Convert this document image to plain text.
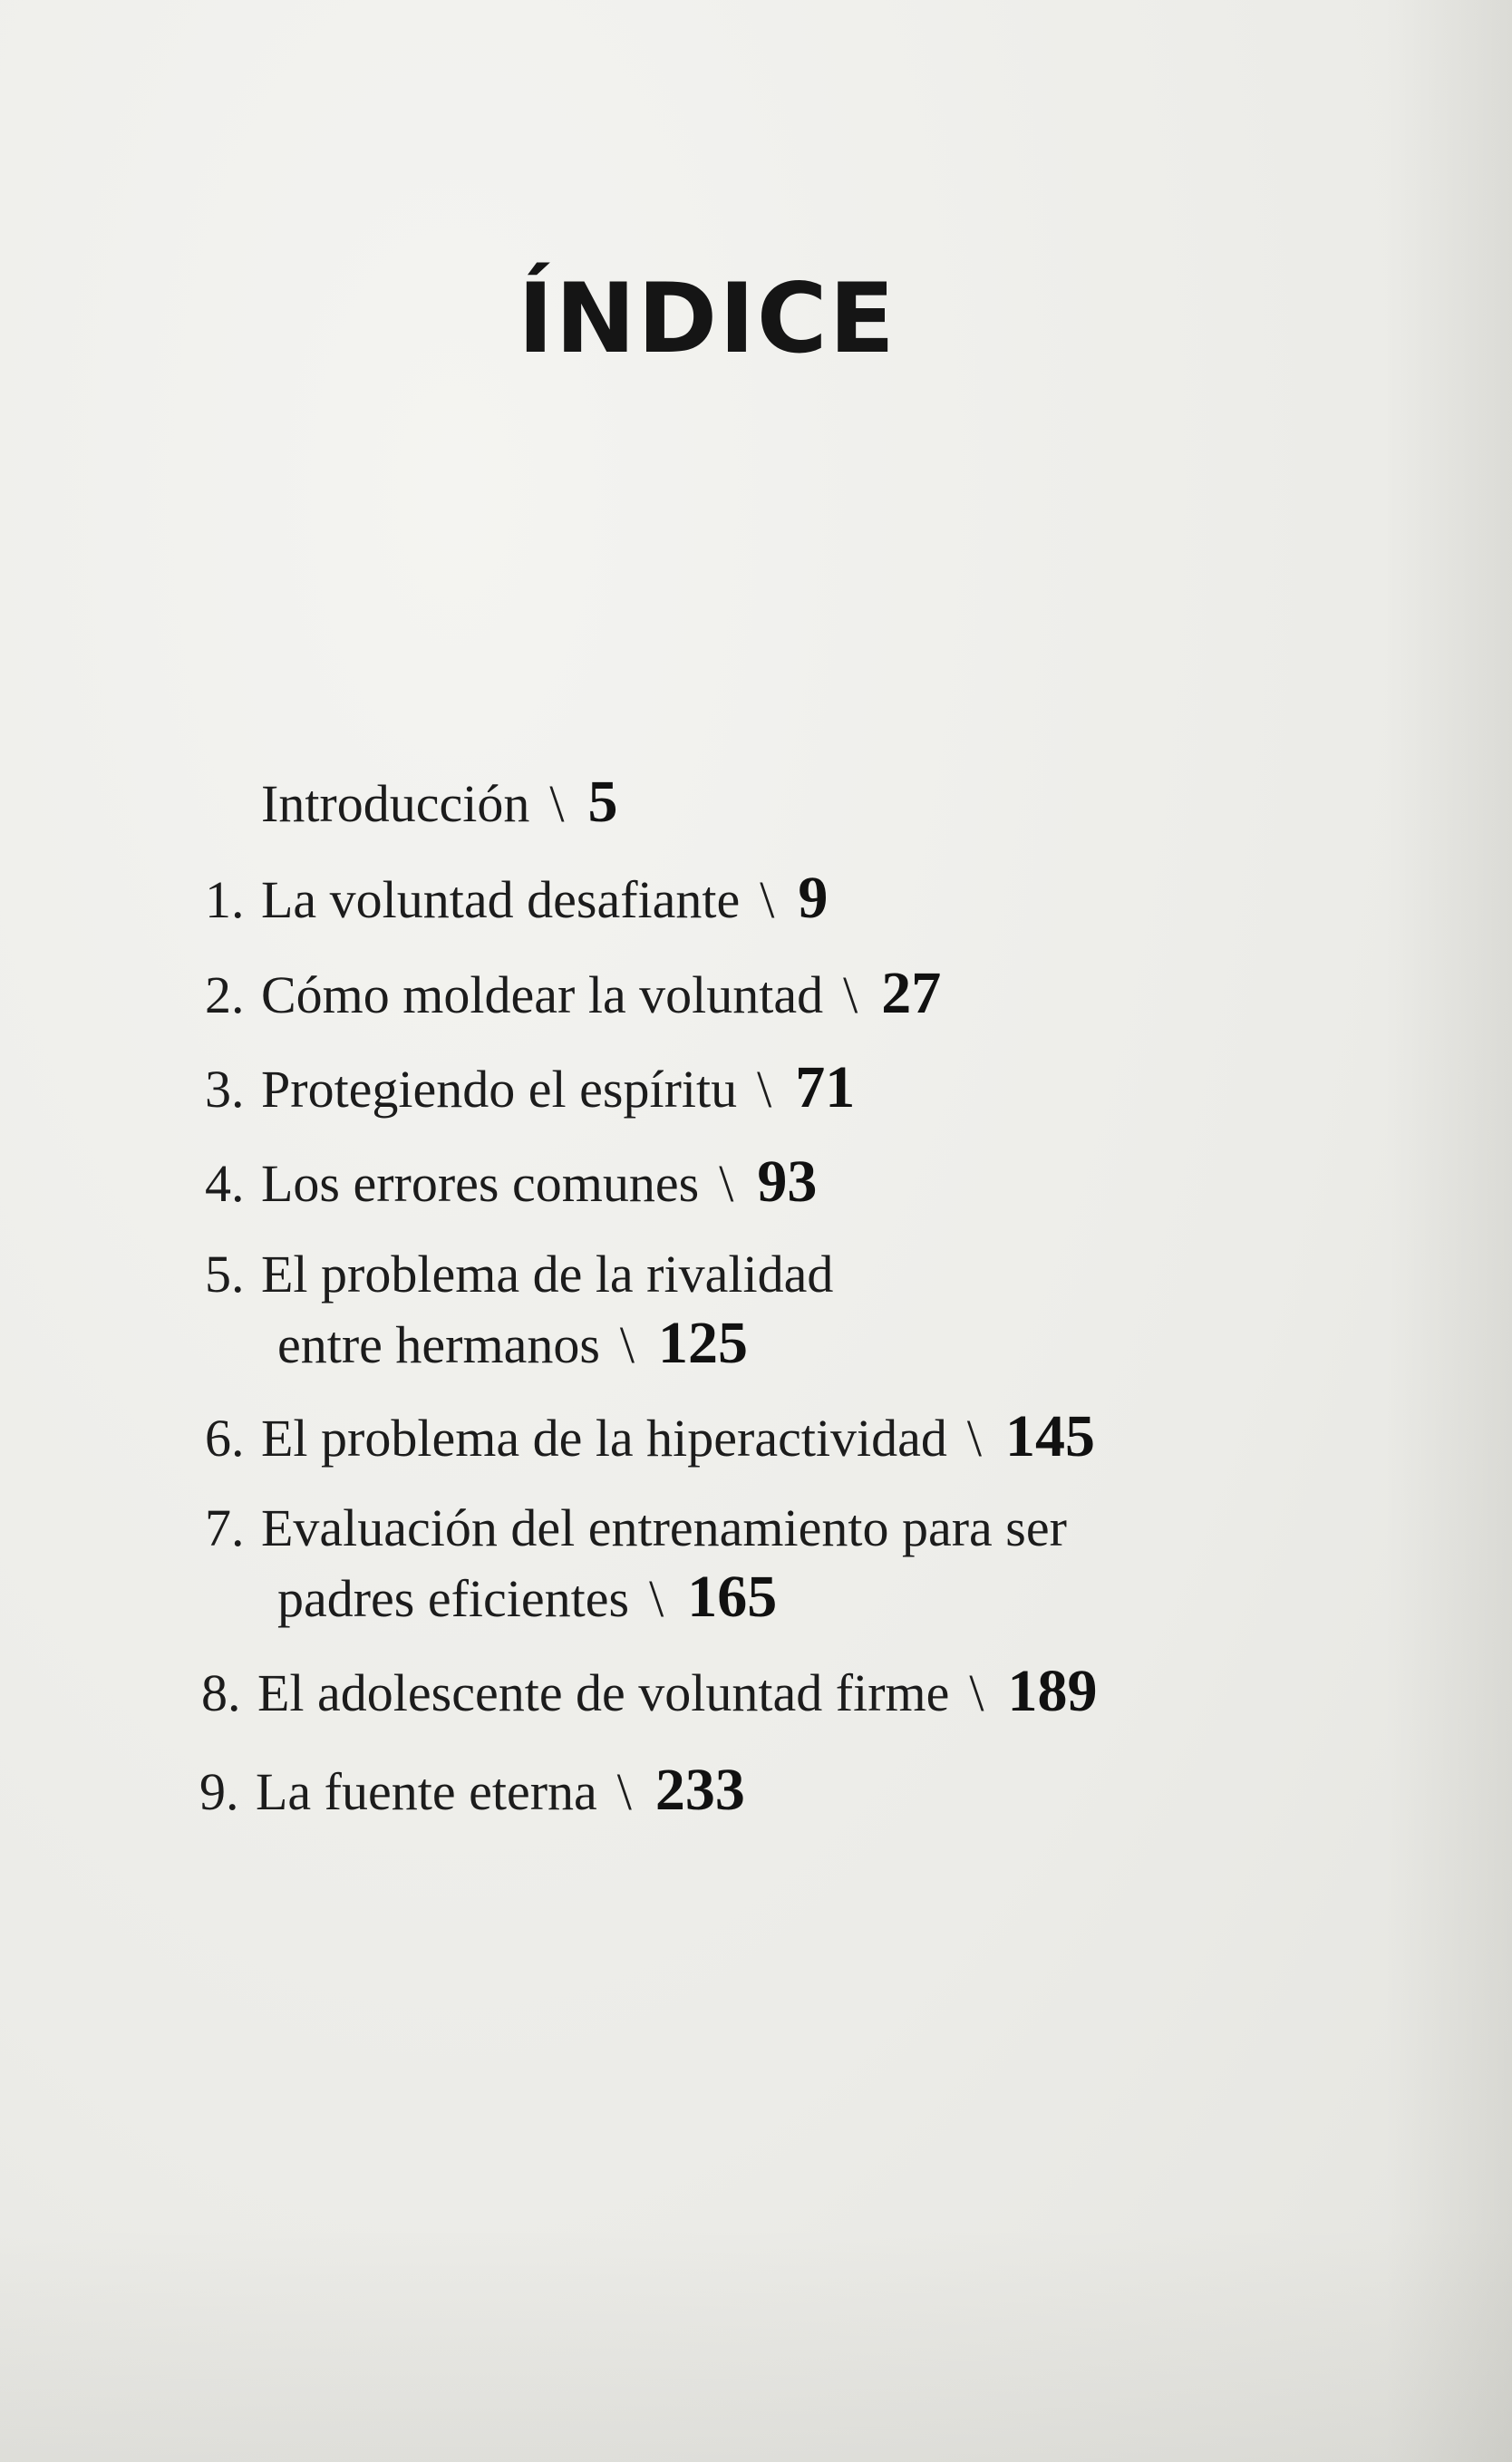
ÍNDICE
Introducción \ 5
1. La voluntad desafiante \ 9
2. Cómo moldear la voluntad \ 27
3. Protegiendo el espíritu \ 71
4. Los errores comunes \ 93
5. El problema de la rivalidad
entre hermanos \ 125
6. El problema de la hiperactividad \ 145
7. Evaluación del entrenamiento para ser
padres eficientes \ 165
8. El adolescente de voluntad firme \ 189
9. La fuente eterna \ 233
